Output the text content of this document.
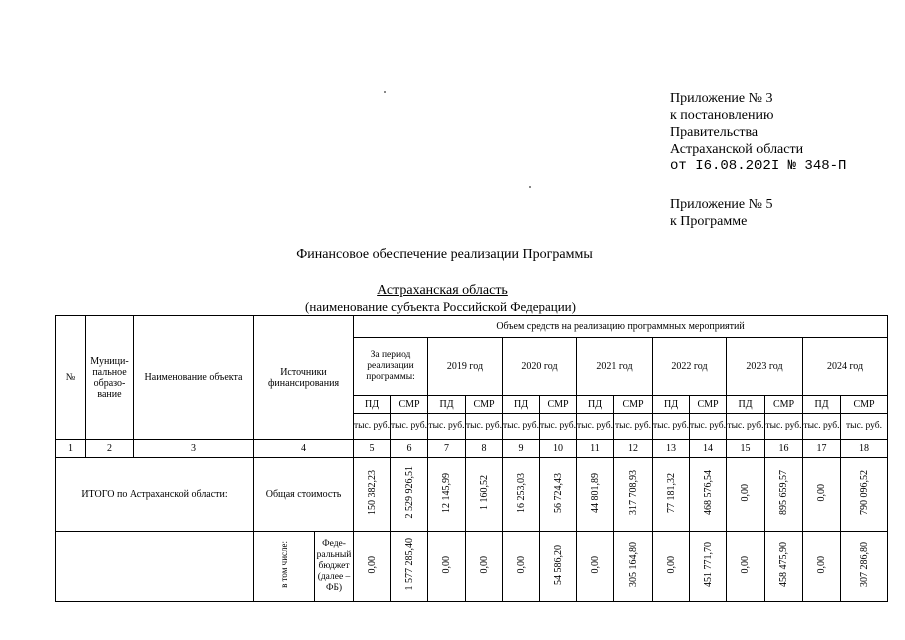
Приложение № 3
к постановлению
Правительства
Астраханской области
от I6.08.202I № 348-П
Приложение № 5
к Программе
Финансовое обеспечение реализации Программы
Астраханская область
(наименование субъекта Российской Федерации)
№	Муници-пальное образо-вание	Наименование объекта	Источники финансирования		Объем средств на реализацию программных мероприятий													
					За период реализации программы:		2019 год		2020 год		2021 год		2022 год		2023 год		2024 год	
					ПД	СМР	ПД	СМР	ПД	СМР	ПД	СМР	ПД	СМР	ПД	СМР	ПД	СМР
					тыс. руб.	тыс. руб.	тыс. руб.	тыс. руб.	тыс. руб.	тыс. руб.	тыс. руб.	тыс. руб.	тыс. руб.	тыс. руб.	тыс. руб.	тыс. руб.	тыс. руб.	тыс. руб.
1	2	3	4		5	6	7	8	9	10	11	12	13	14	15	16	17	18
ИТОГО по Астраханской области:			Общая стоимость		150 382,23	2 529 926,51	12 145,99	1 160,52	16 253,03	56 724,43	44 801,89	317 708,93	77 181,32	468 576,54	0,00	895 659,57	0,00	790 096,52
			в том числе:	Феде-ральный бюджет (далее – ФБ)	0,00	1 577 285,40	0,00	0,00	0,00	54 586,20	0,00	305 164,80	0,00	451 771,70	0,00	458 475,90	0,00	307 286,80
